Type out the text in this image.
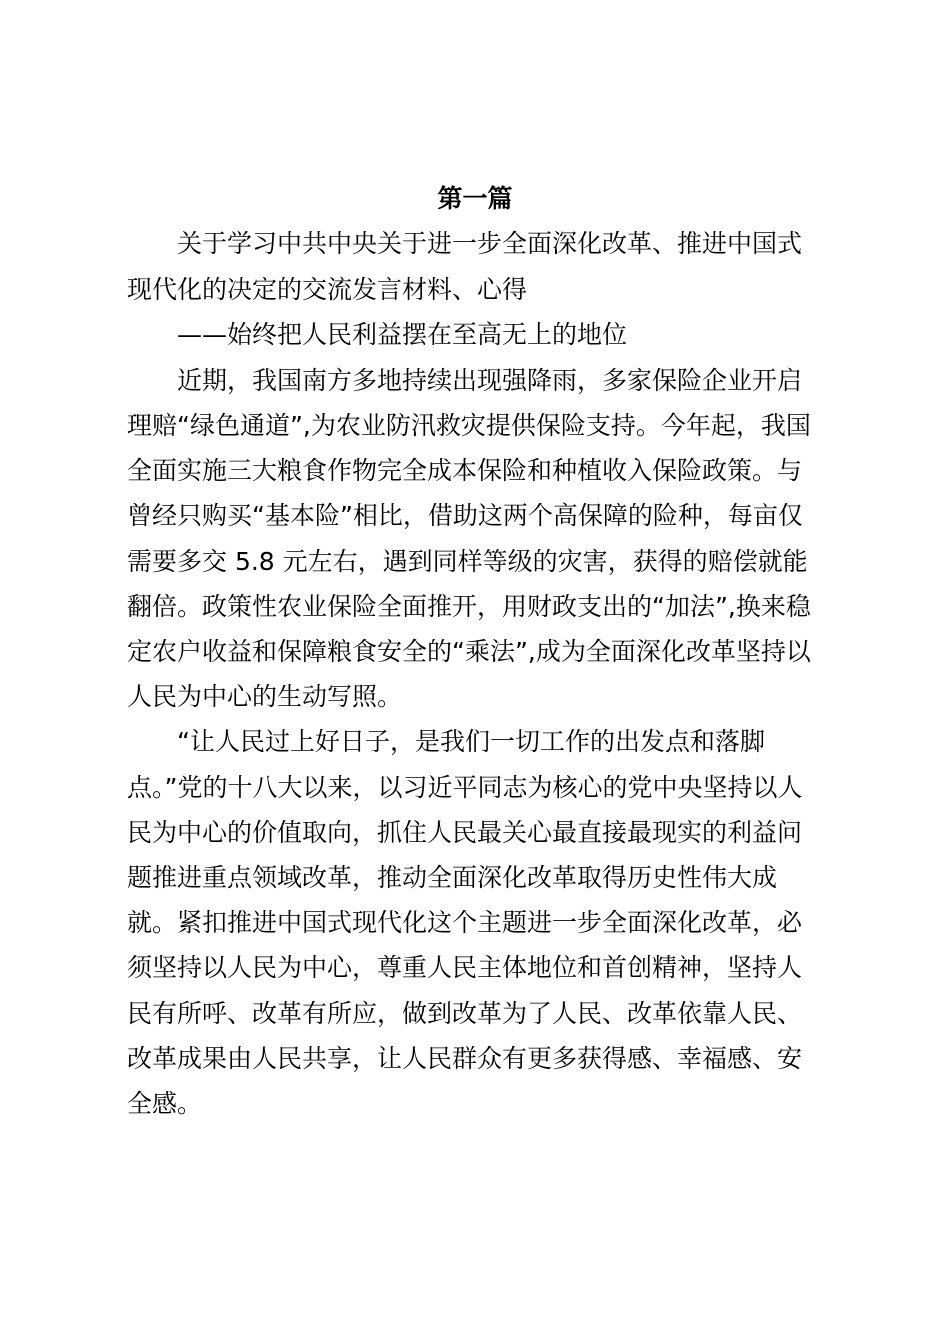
第一篇

关于学习中共中央关于进一步全面深化改革、推进中国式

现代化的决定的交流发言材料、心得

——始终把人民利益摆在至高无上的地位

近期，我国南方多地持续出现强降雨，多家保险企业开启

理赔“绿色通道”,为农业防汛救灾提供保险支持。今年起，我国

全面实施三大粮食作物完全成本保险和种植收入保险政策。与

曾经只购买“基本险”相比，借助这两个高保障的险种，每亩仅

需要多交 5.8 元左右，遇到同样等级的灾害，获得的赔偿就能

翻倍。政策性农业保险全面推开，用财政支出的“加法”,换来稳

定农户收益和保障粮食安全的“乘法”,成为全面深化改革坚持以

人民为中心的生动写照。

“让人民过上好日子，是我们一切工作的出发点和落脚

点。”党的十八大以来，以习近平同志为核心的党中央坚持以人

民为中心的价值取向，抓住人民最关心最直接最现实的利益问

题推进重点领域改革，推动全面深化改革取得历史性伟大成

就。紧扣推进中国式现代化这个主题进一步全面深化改革，必

须坚持以人民为中心，尊重人民主体地位和首创精神，坚持人

民有所呼、改革有所应，做到改革为了人民、改革依靠人民、

改革成果由人民共享，让人民群众有更多获得感、幸福感、安

全感。
